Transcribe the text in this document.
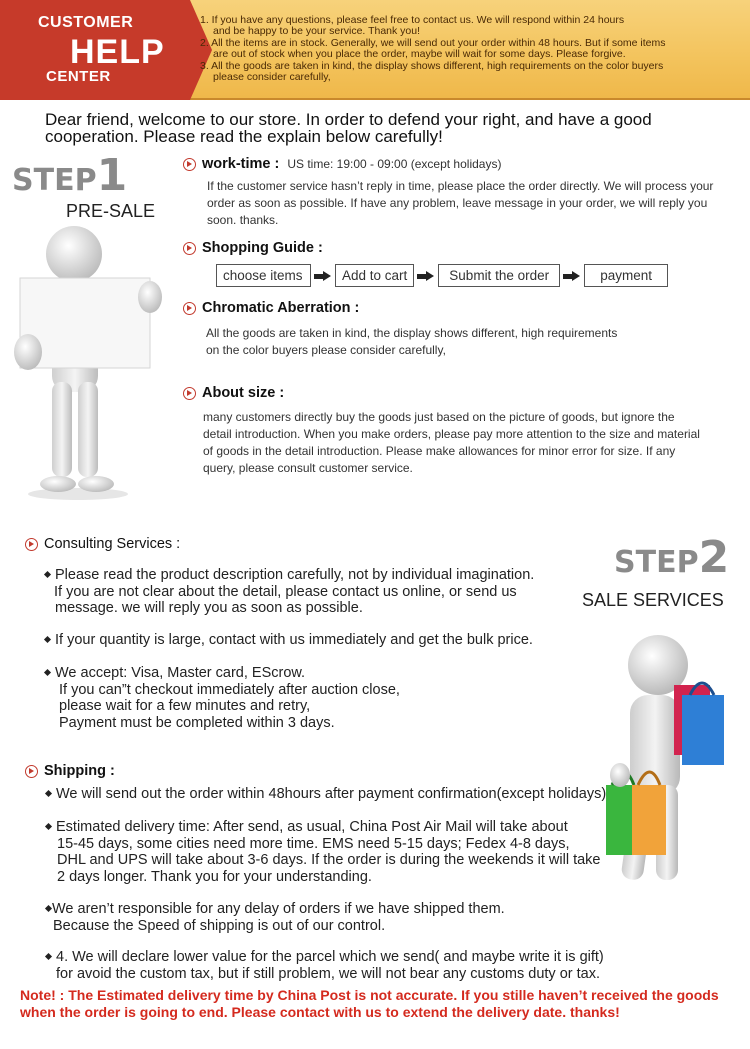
CUSTOMER
HELP
CENTER
1. If you have any questions, please feel free to contact us. We will respond within 24 hours
and be happy to be your service. Thank you!
2. All the items are in stock. Generally, we will send out your order within 48 hours. But if some items
are out of stock when you place the order, maybe will wait for some days. Please forgive.
3. All the goods are taken in kind, the display shows different, high requirements on the color buyers
please consider carefully,
Dear friend, welcome to our store. In order to defend your right, and have a good cooperation. Please read the explain below carefully!
STEP1
PRE-SALE
work-time : US time: 19:00 - 09:00 (except holidays)
If the customer service hasn’t reply in time, please place the order directly. We will process your order as soon as possible. If have any problem, leave message in your order, we will reply you soon. thanks.
Shopping Guide :
choose items	Add to cart	Submit the order	payment
Chromatic Aberration :
All the goods are taken in kind, the display shows different, high requirements
on the color buyers please consider carefully,
About size :
many customers directly buy the goods just based on the picture of goods, but ignore the detail introduction. When you make orders, please pay more attention to the size and material of goods in the detail introduction. Please make allowances for minor error for size. If any query, please consult customer service.
STEP2
SALE SERVICES
Consulting Services :
Please read the product description carefully, not by individual imagination.
If you are not clear about the detail, please contact us online, or send us
message. we will reply you as soon as possible.
If your quantity is large, contact with us immediately and get the bulk price.
We accept: Visa, Master card, EScrow.
If you can”t checkout immediately after auction close,
please wait for a few minutes and retry,
Payment must be completed within 3 days.
Shipping :
We will send out the order within 48hours after payment confirmation(except holidays)
Estimated delivery time: After send, as usual, China Post Air Mail will take about
15-45 days, some cities need more time. EMS need 5-15 days; Fedex 4-8 days,
DHL and UPS will take about 3-6 days. If the order is during the weekends it will take
2 days longer. Thank you for your understanding.
We aren’t responsible for any delay of orders if we have shipped them.
Because the Speed of shipping is out of our control.
4. We will declare lower value for the parcel which we send( and maybe write it is gift)
for avoid the custom tax, but if still problem, we will not bear any customs duty or tax.
Note! : The Estimated delivery time by China Post is not accurate. If you stille haven’t received the goods when the order is going to end. Please contact with us to extend the delivery date. thanks!
